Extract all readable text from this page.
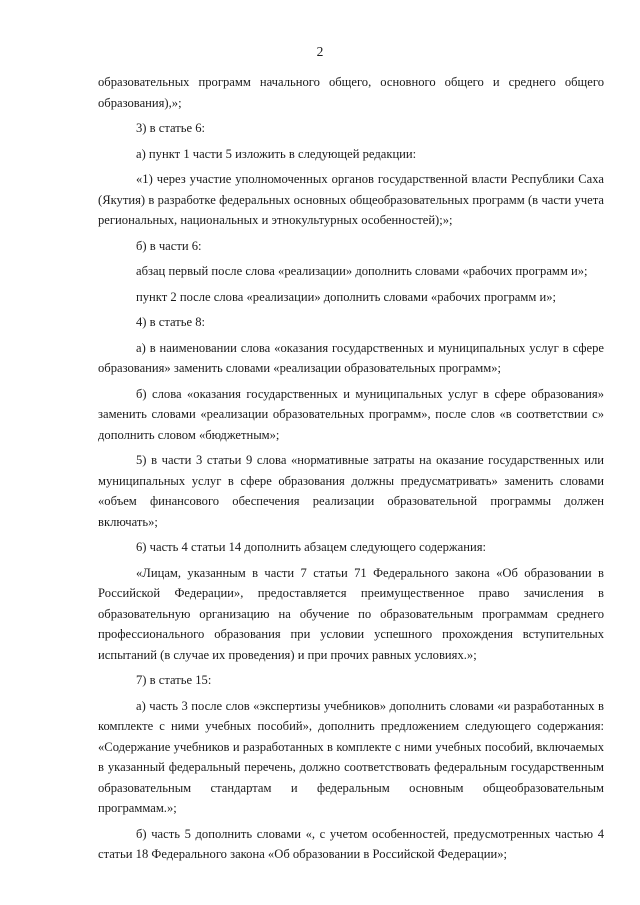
2

образовательных программ начального общего, основного общего и среднего общего образования),»;

3) в статье 6:

а) пункт 1 части 5 изложить в следующей редакции:

«1) через участие уполномоченных органов государственной власти Республики Саха (Якутия) в разработке федеральных основных общеобразовательных программ (в части учета региональных, национальных и этнокультурных особенностей);»;

б) в части 6:

абзац первый после слова «реализации» дополнить словами «рабочих программ и»;

пункт 2 после слова «реализации» дополнить словами «рабочих программ и»;

4) в статье 8:

а) в наименовании слова «оказания государственных и муниципальных услуг в сфере образования» заменить словами «реализации образовательных программ»;

б) слова «оказания государственных и муниципальных услуг в сфере образования» заменить словами «реализации образовательных программ», после слов «в соответствии с» дополнить словом «бюджетным»;

5) в части 3 статьи 9 слова «нормативные затраты на оказание государственных или муниципальных услуг в сфере образования должны предусматривать» заменить словами «объем финансового обеспечения реализации образовательной программы должен включать»;

6) часть 4 статьи 14 дополнить абзацем следующего содержания:

«Лицам, указанным в части 7 статьи 71 Федерального закона «Об образовании в Российской Федерации», предоставляется преимущественное право зачисления в образовательную организацию на обучение по образовательным программам среднего профессионального образования при условии успешного прохождения вступительных испытаний (в случае их проведения) и при прочих равных условиях.»;

7) в статье 15:

а) часть 3 после слов «экспертизы учебников» дополнить словами «и разработанных в комплекте с ними учебных пособий», дополнить предложением следующего содержания: «Содержание учебников и разработанных в комплекте с ними учебных пособий, включаемых в указанный федеральный перечень, должно соответствовать федеральным государственным образовательным стандартам и федеральным основным общеобразовательным программам.»;

б) часть 5 дополнить словами «, с учетом особенностей, предусмотренных частью 4 статьи 18 Федерального закона «Об образовании в Российской Федерации»;
